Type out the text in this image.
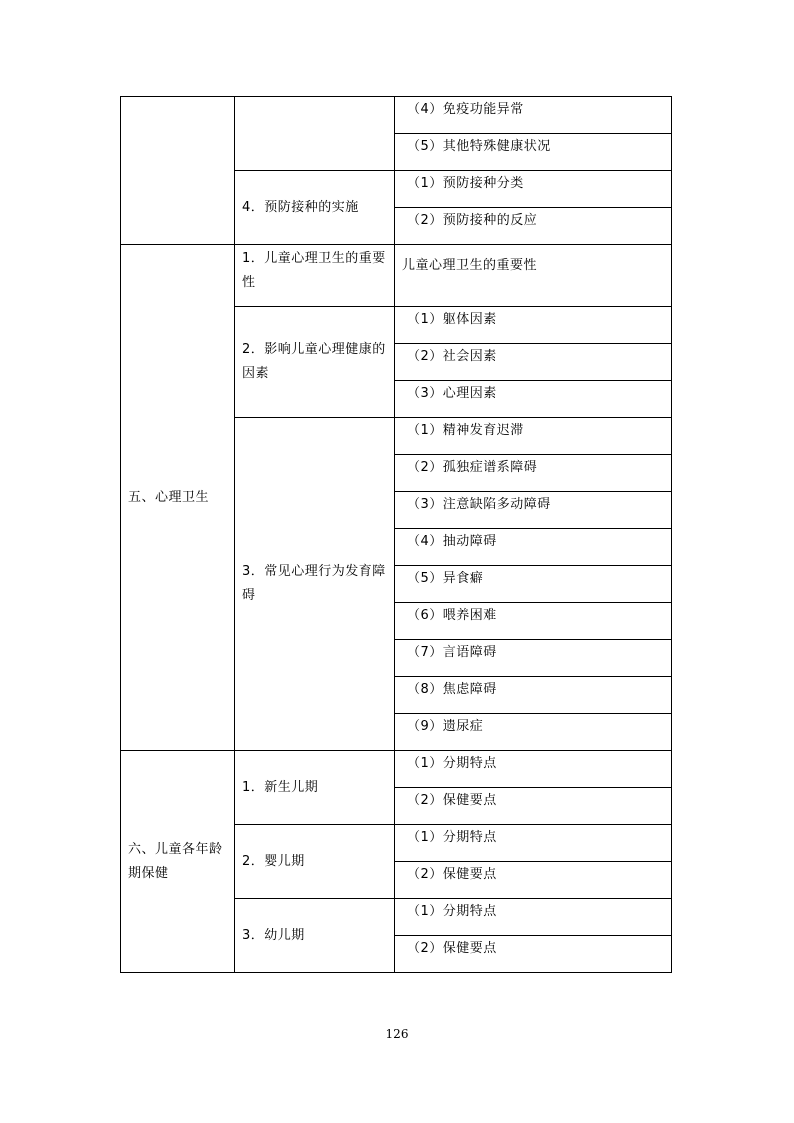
		（4）免疫功能异常

		（5）其他特殊健康状况

	4．预防接种的实施	（1）预防接种分类

		（2）预防接种的反应

五、心理卫生	1．儿童心理卫生的重要性	儿童心理卫生的重要性
	2．影响儿童心理健康的因素	（1）躯体因素

		（2）社会因素

		（3）心理因素

	3．常见心理行为发育障碍	（1）精神发育迟滞

		（2）孤独症谱系障碍

		（3）注意缺陷多动障碍

		（4）抽动障碍

		（5）异食癖

		（6）喂养困难

		（7）言语障碍

		（8）焦虑障碍

		（9）遗尿症

六、儿童各年龄期保健	1．新生儿期	（1）分期特点

		（2）保健要点

	2．婴儿期	（1）分期特点

		（2）保健要点

	3．幼儿期	（1）分期特点

		（2）保健要点
126
